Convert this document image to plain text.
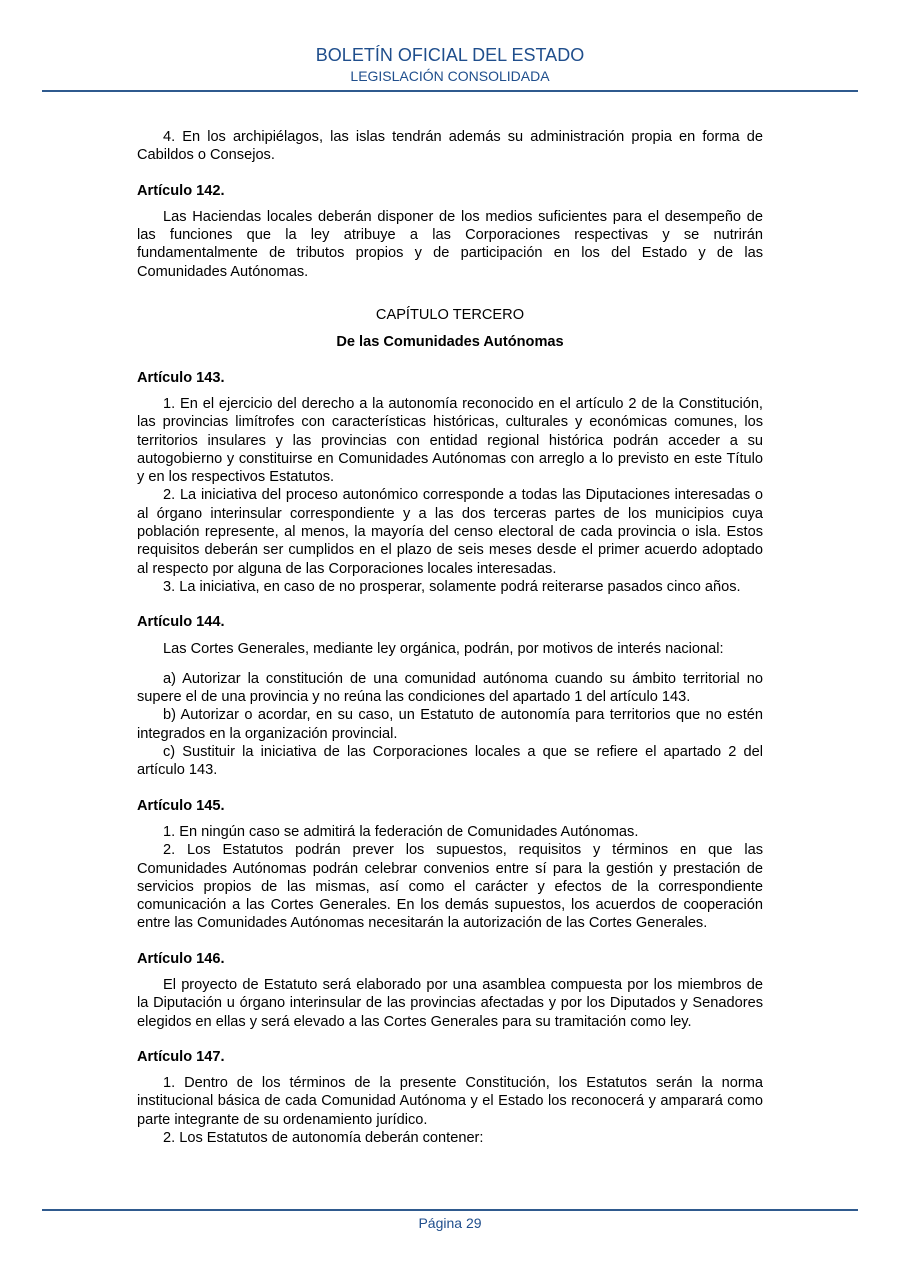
BOLETÍN OFICIAL DEL ESTADO
LEGISLACIÓN CONSOLIDADA

4. En los archipiélagos, las islas tendrán además su administración propia en forma de Cabildos o Consejos.

Artículo 142.

Las Haciendas locales deberán disponer de los medios suficientes para el desempeño de las funciones que la ley atribuye a las Corporaciones respectivas y se nutrirán fundamentalmente de tributos propios y de participación en los del Estado y de las Comunidades Autónomas.

CAPÍTULO TERCERO

De las Comunidades Autónomas

Artículo 143.

1. En el ejercicio del derecho a la autonomía reconocido en el artículo 2 de la Constitución, las provincias limítrofes con características históricas, culturales y económicas comunes, los territorios insulares y las provincias con entidad regional histórica podrán acceder a su autogobierno y constituirse en Comunidades Autónomas con arreglo a lo previsto en este Título y en los respectivos Estatutos.

2. La iniciativa del proceso autonómico corresponde a todas las Diputaciones interesadas o al órgano interinsular correspondiente y a las dos terceras partes de los municipios cuya población represente, al menos, la mayoría del censo electoral de cada provincia o isla. Estos requisitos deberán ser cumplidos en el plazo de seis meses desde el primer acuerdo adoptado al respecto por alguna de las Corporaciones locales interesadas.

3. La iniciativa, en caso de no prosperar, solamente podrá reiterarse pasados cinco años.

Artículo 144.

Las Cortes Generales, mediante ley orgánica, podrán, por motivos de interés nacional:

a) Autorizar la constitución de una comunidad autónoma cuando su ámbito territorial no supere el de una provincia y no reúna las condiciones del apartado 1 del artículo 143.

b) Autorizar o acordar, en su caso, un Estatuto de autonomía para territorios que no estén integrados en la organización provincial.

c) Sustituir la iniciativa de las Corporaciones locales a que se refiere el apartado 2 del artículo 143.

Artículo 145.

1. En ningún caso se admitirá la federación de Comunidades Autónomas.

2. Los Estatutos podrán prever los supuestos, requisitos y términos en que las Comunidades Autónomas podrán celebrar convenios entre sí para la gestión y prestación de servicios propios de las mismas, así como el carácter y efectos de la correspondiente comunicación a las Cortes Generales. En los demás supuestos, los acuerdos de cooperación entre las Comunidades Autónomas necesitarán la autorización de las Cortes Generales.

Artículo 146.

El proyecto de Estatuto será elaborado por una asamblea compuesta por los miembros de la Diputación u órgano interinsular de las provincias afectadas y por los Diputados y Senadores elegidos en ellas y será elevado a las Cortes Generales para su tramitación como ley.

Artículo 147.

1. Dentro de los términos de la presente Constitución, los Estatutos serán la norma institucional básica de cada Comunidad Autónoma y el Estado los reconocerá y amparará como parte integrante de su ordenamiento jurídico.

2. Los Estatutos de autonomía deberán contener:

Página 29
